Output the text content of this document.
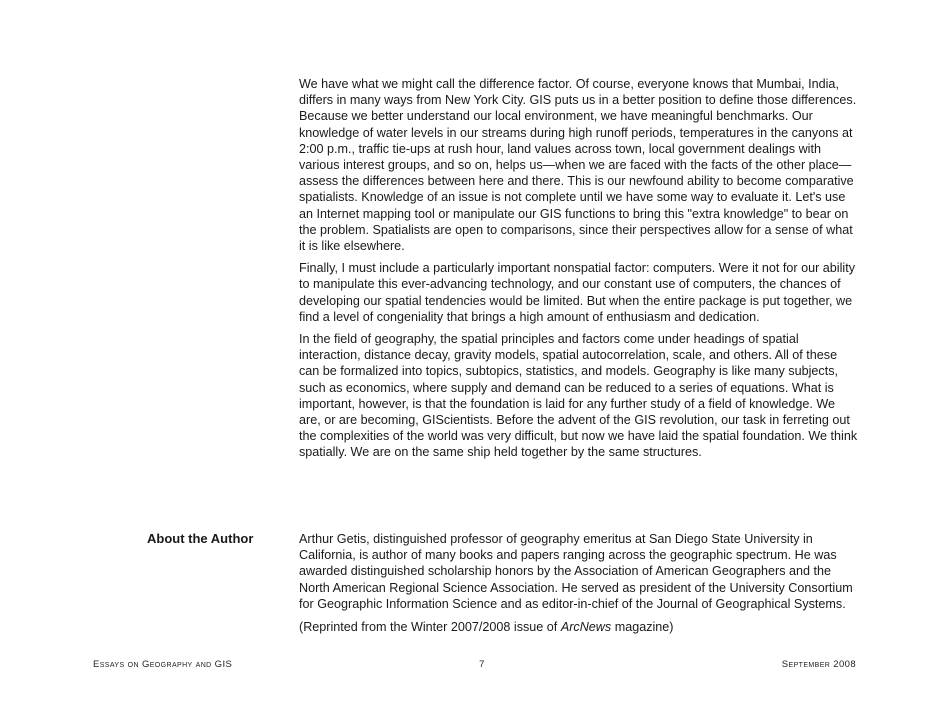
We have what we might call the difference factor. Of course, everyone knows that Mumbai, India, differs in many ways from New York City. GIS puts us in a better position to define those differences. Because we better understand our local environment, we have meaningful benchmarks. Our knowledge of water levels in our streams during high runoff periods, temperatures in the canyons at 2:00 p.m., traffic tie-ups at rush hour, land values across town, local government dealings with various interest groups, and so on, helps us—when we are faced with the facts of the other place—assess the differences between here and there. This is our newfound ability to become comparative spatialists. Knowledge of an issue is not complete until we have some way to evaluate it. Let's use an Internet mapping tool or manipulate our GIS functions to bring this "extra knowledge" to bear on the problem. Spatialists are open to comparisons, since their perspectives allow for a sense of what it is like elsewhere.

Finally, I must include a particularly important nonspatial factor: computers. Were it not for our ability to manipulate this ever-advancing technology, and our constant use of computers, the chances of developing our spatial tendencies would be limited. But when the entire package is put together, we find a level of congeniality that brings a high amount of enthusiasm and dedication.

In the field of geography, the spatial principles and factors come under headings of spatial interaction, distance decay, gravity models, spatial autocorrelation, scale, and others. All of these can be formalized into topics, subtopics, statistics, and models. Geography is like many subjects, such as economics, where supply and demand can be reduced to a series of equations. What is important, however, is that the foundation is laid for any further study of a field of knowledge. We are, or are becoming, GIScientists. Before the advent of the GIS revolution, our task in ferreting out the complexities of the world was very difficult, but now we have laid the spatial foundation. We think spatially. We are on the same ship held together by the same structures.

About the Author	Arthur Getis, distinguished professor of geography emeritus at San Diego State University in California, is author of many books and papers ranging across the geographic spectrum. He was awarded distinguished scholarship honors by the Association of American Geographers and the North American Regional Science Association. He served as president of the University Consortium for Geographic Information Science and as editor-in-chief of the Journal of Geographical Systems.

(Reprinted from the Winter 2007/2008 issue of ArcNews magazine)

Essays on Geography and GIS	7	September 2008
